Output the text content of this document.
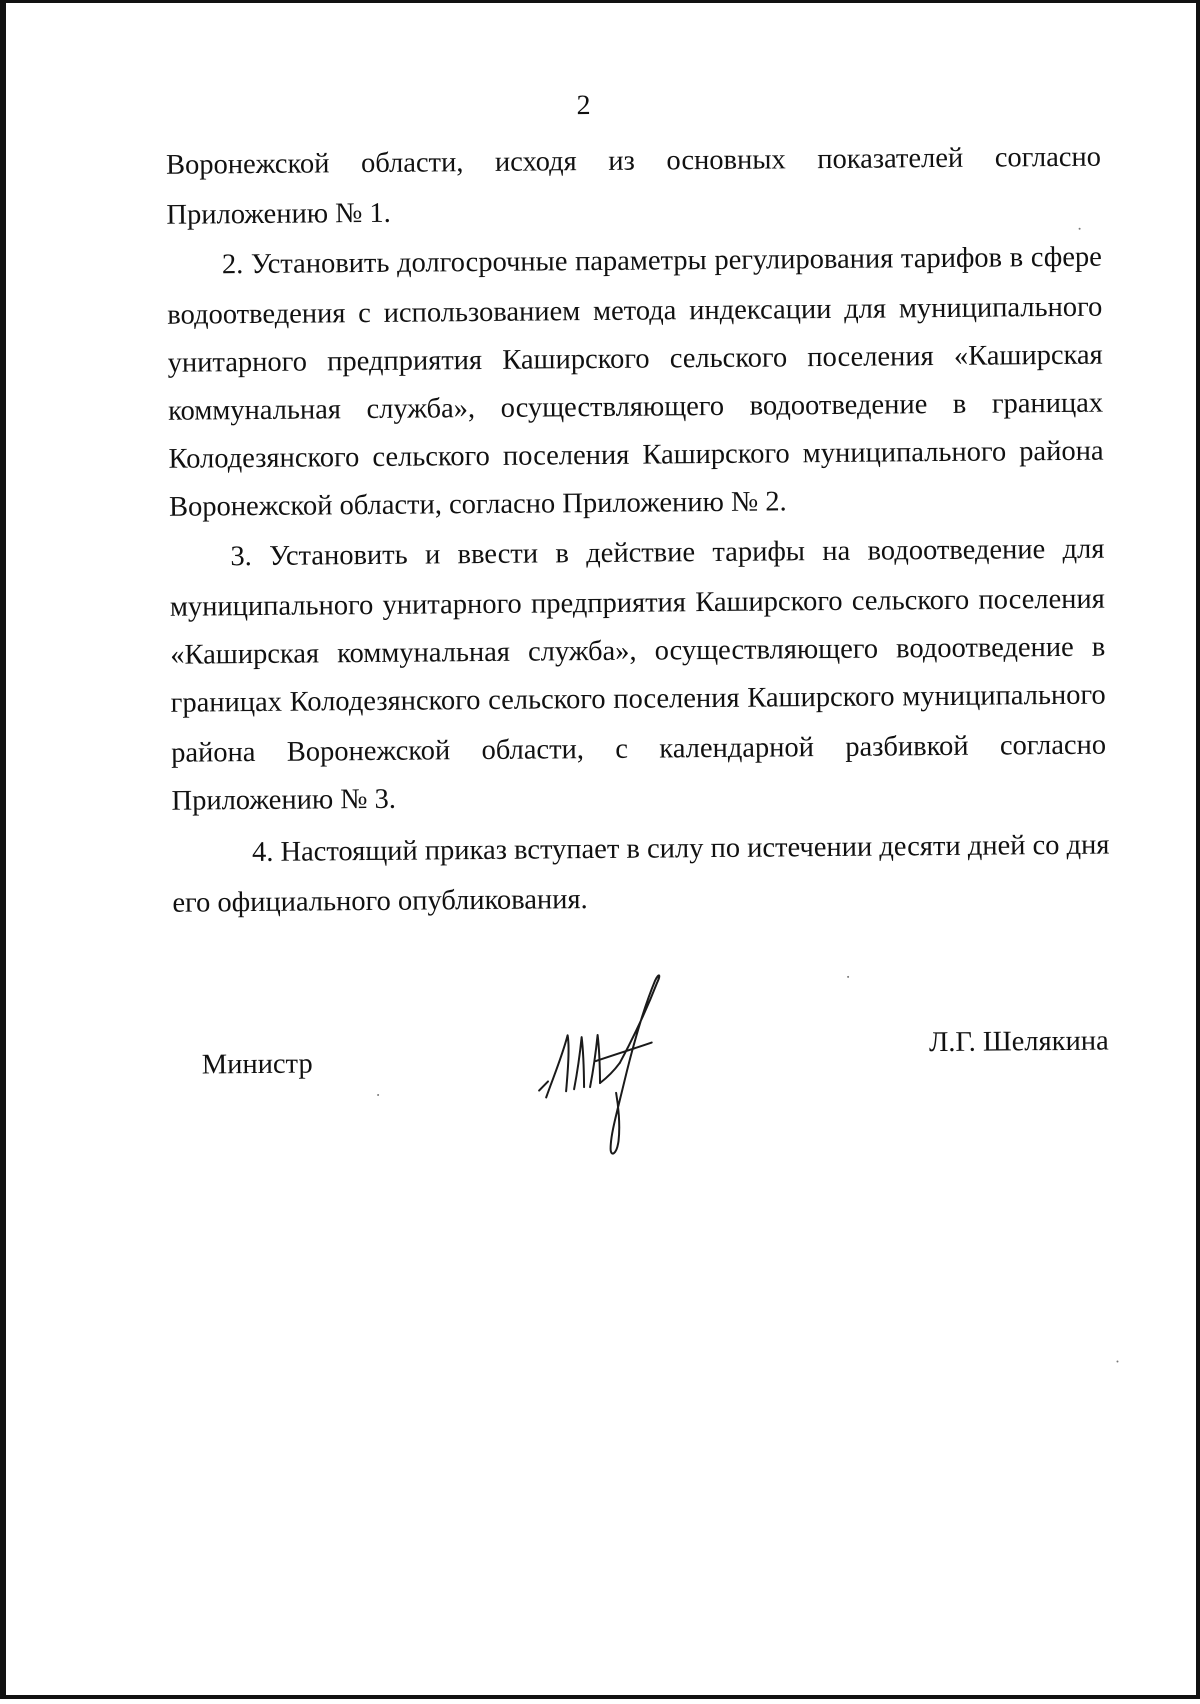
2
Воронежской области, исходя из основных показателей согласно
Приложению № 1.
2. Установить долгосрочные параметры регулирования тарифов в сфере
водоотведения с использованием метода индексации для муниципального
унитарного предприятия Каширского сельского поселения «Каширская
коммунальная служба», осуществляющего водоотведение в границах
Колодезянского сельского поселения Каширского муниципального района
Воронежской области, согласно Приложению № 2.
3. Установить и ввести в действие тарифы на водоотведение для
муниципального унитарного предприятия Каширского сельского поселения
«Каширская коммунальная служба», осуществляющего водоотведение в
границах Колодезянского сельского поселения Каширского муниципального
района Воронежской области, с календарной разбивкой согласно
Приложению № 3.
4. Настоящий приказ вступает в силу по истечении десяти дней со дня
его официального опубликования.
Министр
Л.Г. Шелякина
